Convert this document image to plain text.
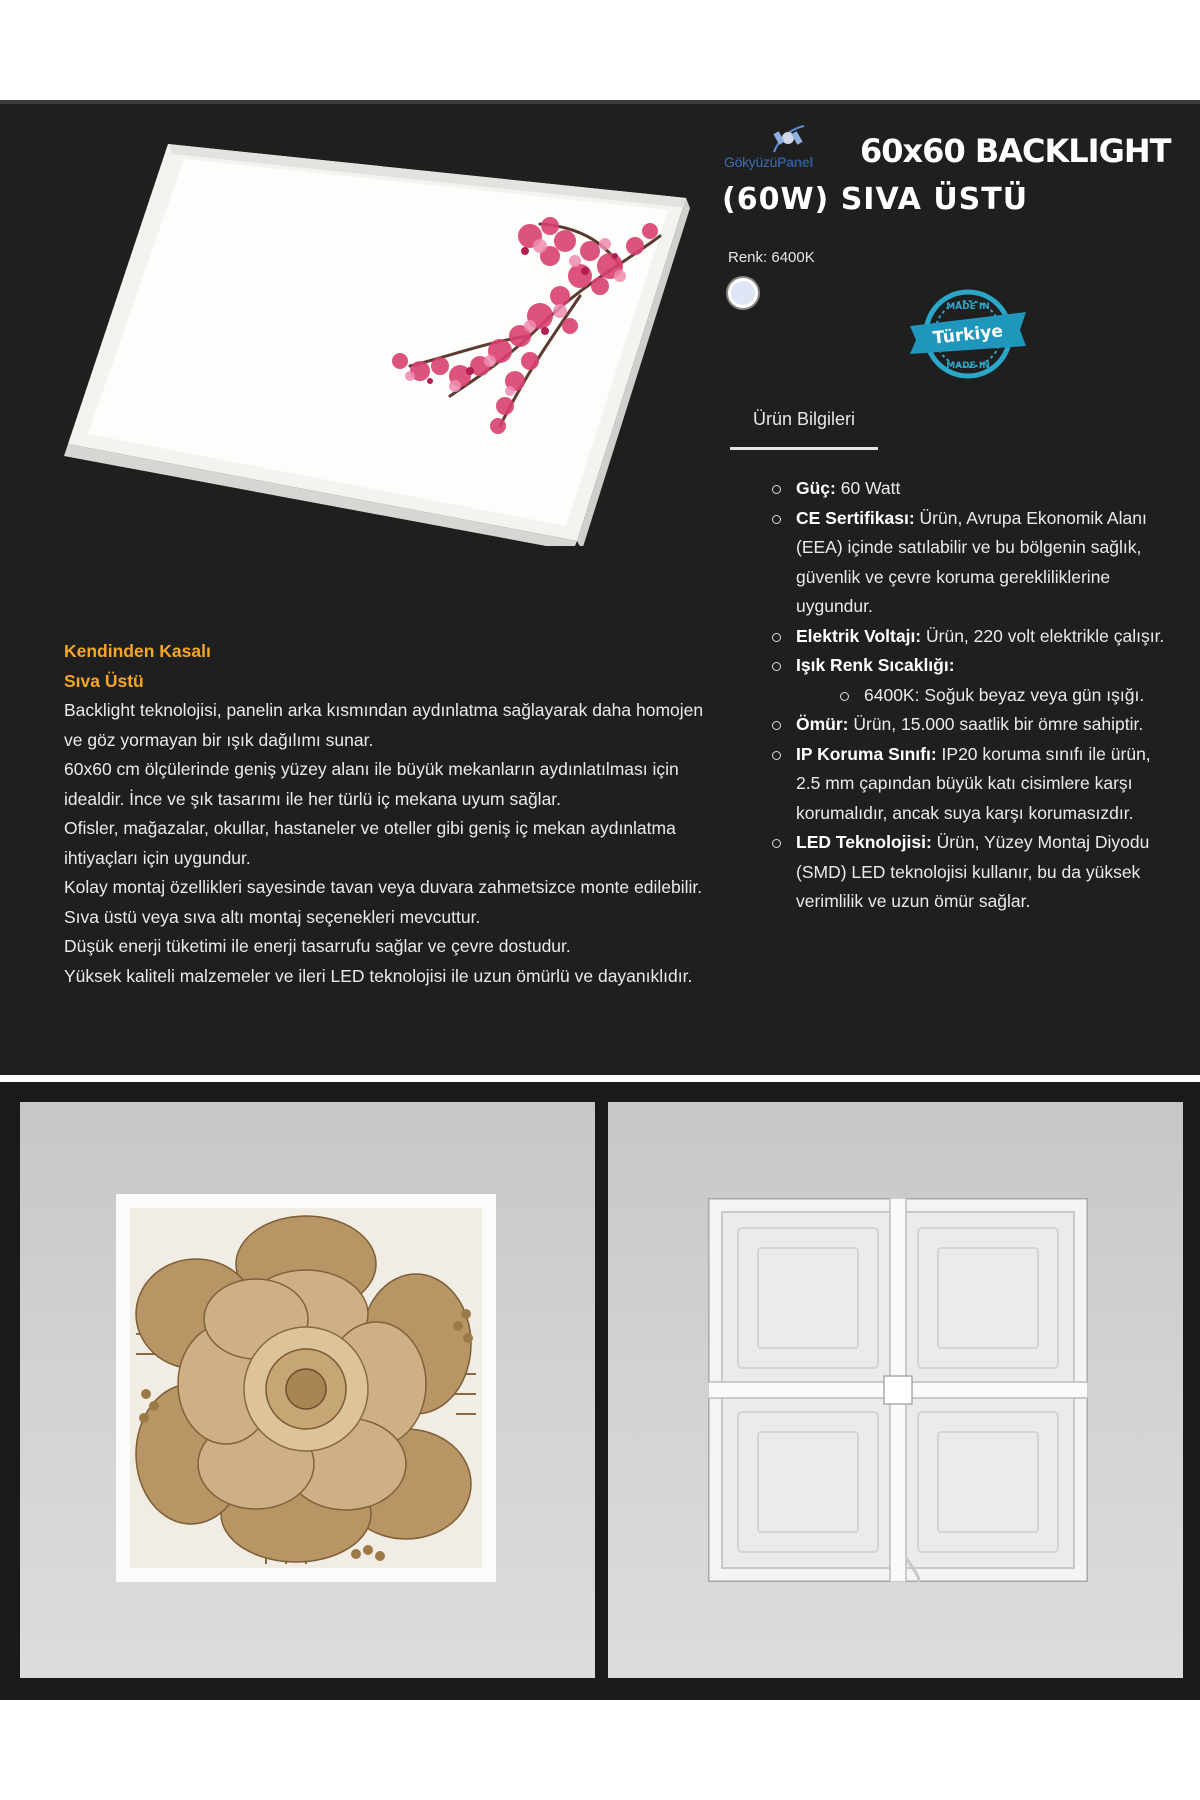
GökyüzüPanel 60x60 BACKLIGHT
(60W) SIVA ÜSTÜ
Renk: 6400K
MADE IN
Türkiye
MADE IN
Ürün Bilgileri
Güç: 60 Watt
CE Sertifikası: Ürün, Avrupa Ekonomik Alanı (EEA) içinde satılabilir ve bu bölgenin sağlık, güvenlik ve çevre koruma gerekliliklerine uygundur.
Elektrik Voltajı: Ürün, 220 volt elektrikle çalışır.
Işık Renk Sıcaklığı:
6400K: Soğuk beyaz veya gün ışığı.
Ömür: Ürün, 15.000 saatlik bir ömre sahiptir.
IP Koruma Sınıfı: IP20 koruma sınıfı ile ürün, 2.5 mm çapından büyük katı cisimlere karşı korumalıdır, ancak suya karşı korumasızdır.
LED Teknolojisi: Ürün, Yüzey Montaj Diyodu (SMD) LED teknolojisi kullanır, bu da yüksek verimlilik ve uzun ömür sağlar.
Kendinden Kasalı
Sıva Üstü
Backlight teknolojisi, panelin arka kısmından aydınlatma sağlayarak daha homojen ve göz yormayan bir ışık dağılımı sunar.
60x60 cm ölçülerinde geniş yüzey alanı ile büyük mekanların aydınlatılması için idealdir. İnce ve şık tasarımı ile her türlü iç mekana uyum sağlar.
Ofisler, mağazalar, okullar, hastaneler ve oteller gibi geniş iç mekan aydınlatma ihtiyaçları için uygundur.
Kolay montaj özellikleri sayesinde tavan veya duvara zahmetsizce monte edilebilir. Sıva üstü veya sıva altı montaj seçenekleri mevcuttur.
Düşük enerji tüketimi ile enerji tasarrufu sağlar ve çevre dostudur.
Yüksek kaliteli malzemeler ve ileri LED teknolojisi ile uzun ömürlü ve dayanıklıdır.
